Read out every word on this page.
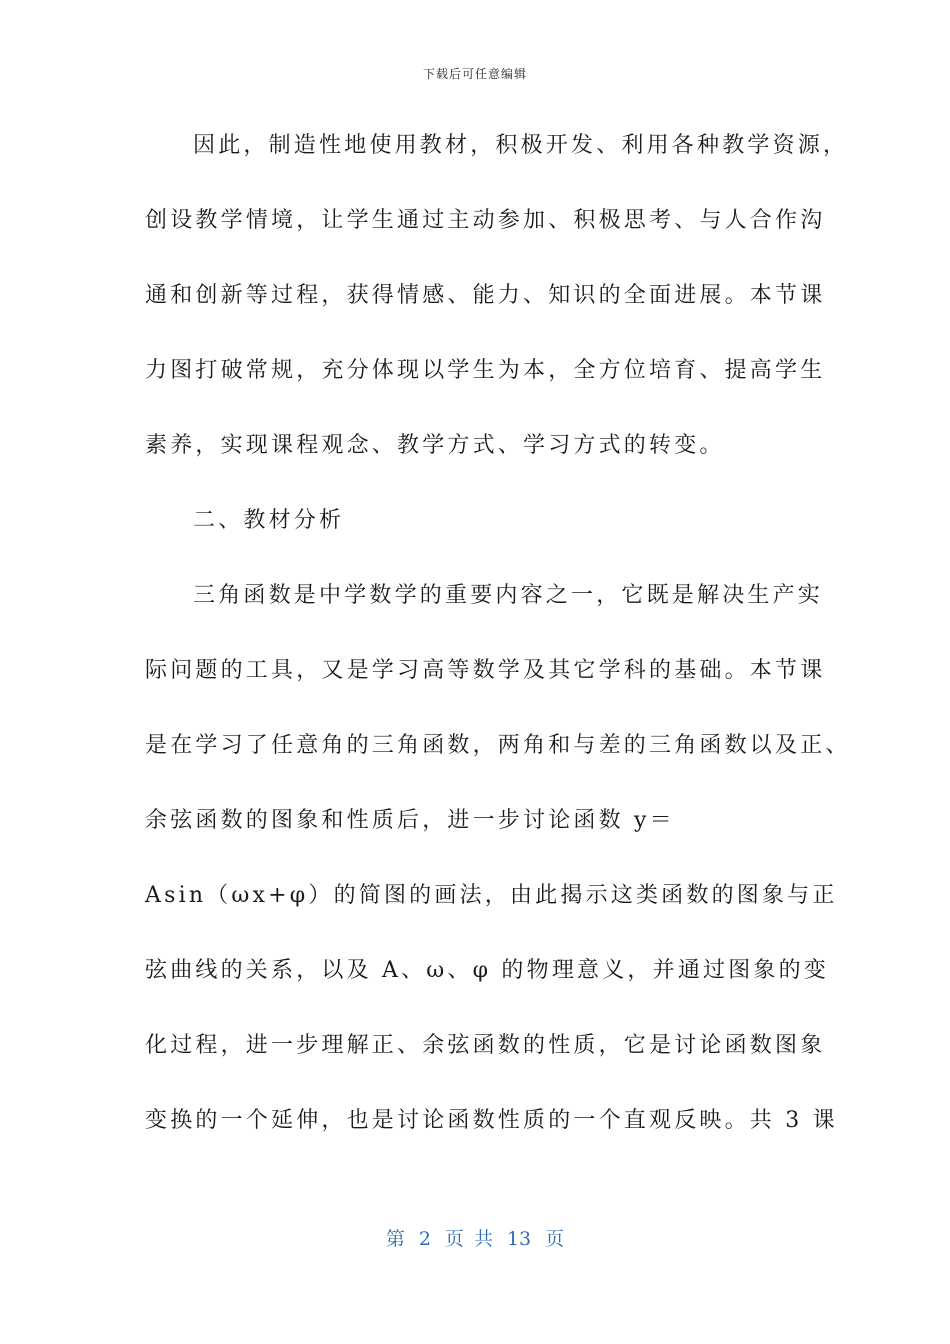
下载后可任意编辑

因此，制造性地使用教材，积极开发、利用各种教学资源，

创设教学情境，让学生通过主动参加、积极思考、与人合作沟

通和创新等过程，获得情感、能力、知识的全面进展。本节课

力图打破常规，充分体现以学生为本，全方位培育、提高学生

素养，实现课程观念、教学方式、学习方式的转变。

二、教材分析

三角函数是中学数学的重要内容之一，它既是解决生产实

际问题的工具，又是学习高等数学及其它学科的基础。本节课

是在学习了任意角的三角函数，两角和与差的三角函数以及正、

余弦函数的图象和性质后，进一步讨论函数 y＝

Asin（ωx+φ）的简图的画法，由此揭示这类函数的图象与正

弦曲线的关系，以及 A、ω、φ 的物理意义，并通过图象的变

化过程，进一步理解正、余弦函数的性质，它是讨论函数图象

变换的一个延伸，也是讨论函数性质的一个直观反映。共 3 课

第 2 页 共 13 页
